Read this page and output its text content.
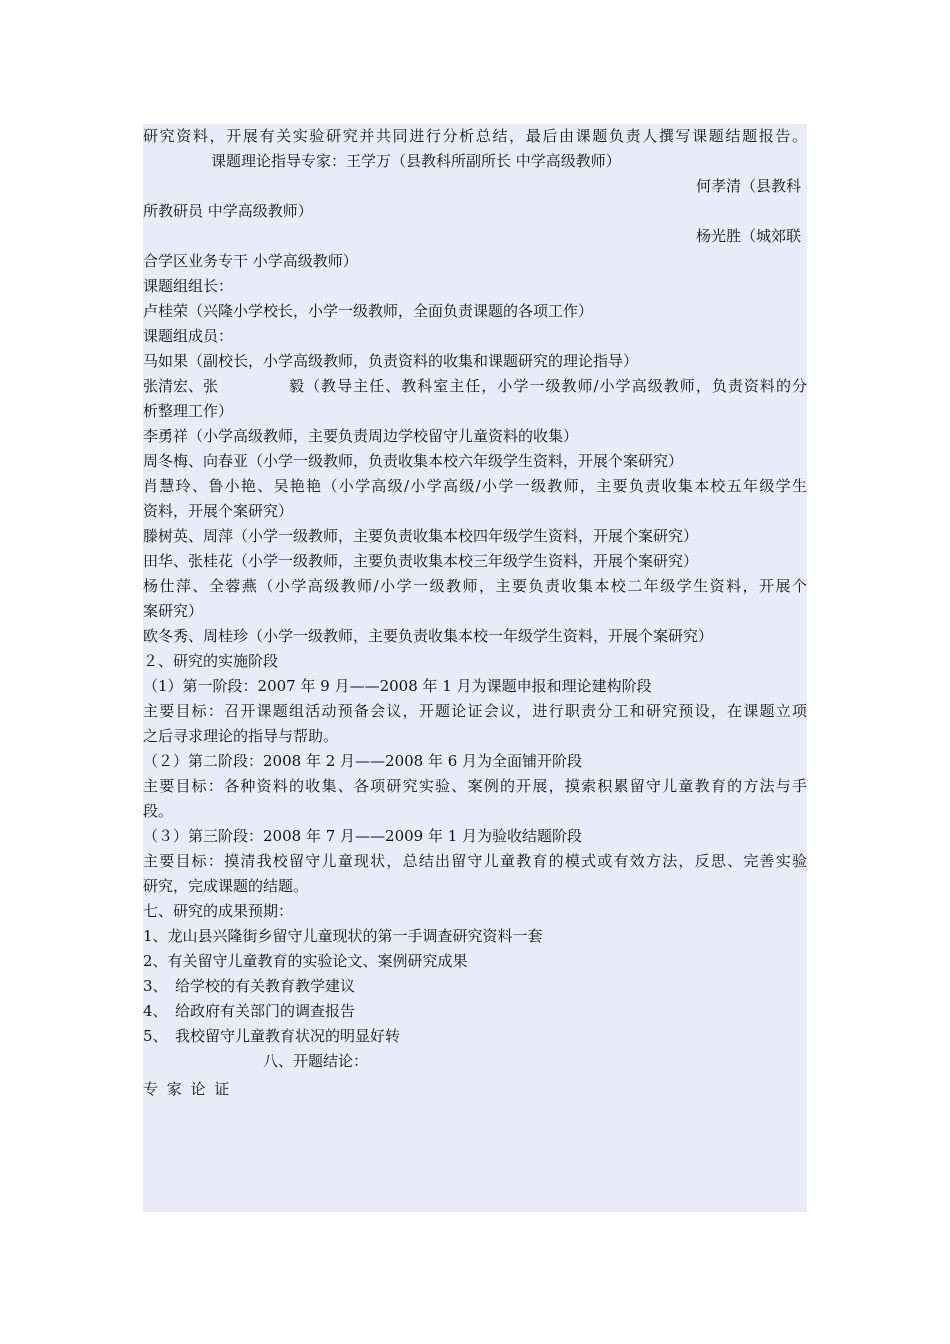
研究资料，开展有关实验研究并共同进行分析总结，最后由课题负责人撰写课题结题报告。
课题理论指导专家：王学万（县教科所副所长 中学高级教师）
何孝清（县教科
所教研员 中学高级教师）
杨光胜（城郊联
合学区业务专干 小学高级教师）
课题组组长：
卢桂荣（兴隆小学校长，小学一级教师，全面负责课题的各项工作）
课题组成员：
马如果（副校长，小学高级教师，负责资料的收集和课题研究的理论指导）
张清宏、张	毅（教导主任、教科室主任，小学一级教师/小学高级教师，负责资料的分
析整理工作）
李勇祥（小学高级教师，主要负责周边学校留守儿童资料的收集）
周冬梅、向春亚（小学一级教师，负责收集本校六年级学生资料，开展个案研究）
肖慧玲、鲁小艳、吴艳艳（小学高级/小学高级/小学一级教师，主要负责收集本校五年级学生
资料，开展个案研究）
滕树英、周萍（小学一级教师，主要负责收集本校四年级学生资料，开展个案研究）
田华、张桂花（小学一级教师，主要负责收集本校三年级学生资料，开展个案研究）
杨仕萍、全蓉燕（小学高级教师/小学一级教师，主要负责收集本校二年级学生资料，开展个
案研究）
欧冬秀、周桂珍（小学一级教师，主要负责收集本校一年级学生资料，开展个案研究）
２、研究的实施阶段
（1）第一阶段：2007 年 9 月——2008 年 1 月为课题申报和理论建构阶段
主要目标：召开课题组活动预备会议，开题论证会议，进行职责分工和研究预设，在课题立项
之后寻求理论的指导与帮助。
（２）第二阶段：2008 年 2 月——2008 年 6 月为全面铺开阶段
主要目标：各种资料的收集、各项研究实验、案例的开展，摸索积累留守儿童教育的方法与手
段。
（３）第三阶段：2008 年 7 月——2009 年 1 月为验收结题阶段
主要目标：摸清我校留守儿童现状，总结出留守儿童教育的模式或有效方法，反思、完善实验
研究，完成课题的结题。
七、研究的成果预期：
1、龙山县兴隆街乡留守儿童现状的第一手调查研究资料一套
2、有关留守儿童教育的实验论文、案例研究成果
3、　给学校的有关教育教学建议
4、　给政府有关部门的调查报告
5、　我校留守儿童教育状况的明显好转
八、开题结论：
专 家 论 证
